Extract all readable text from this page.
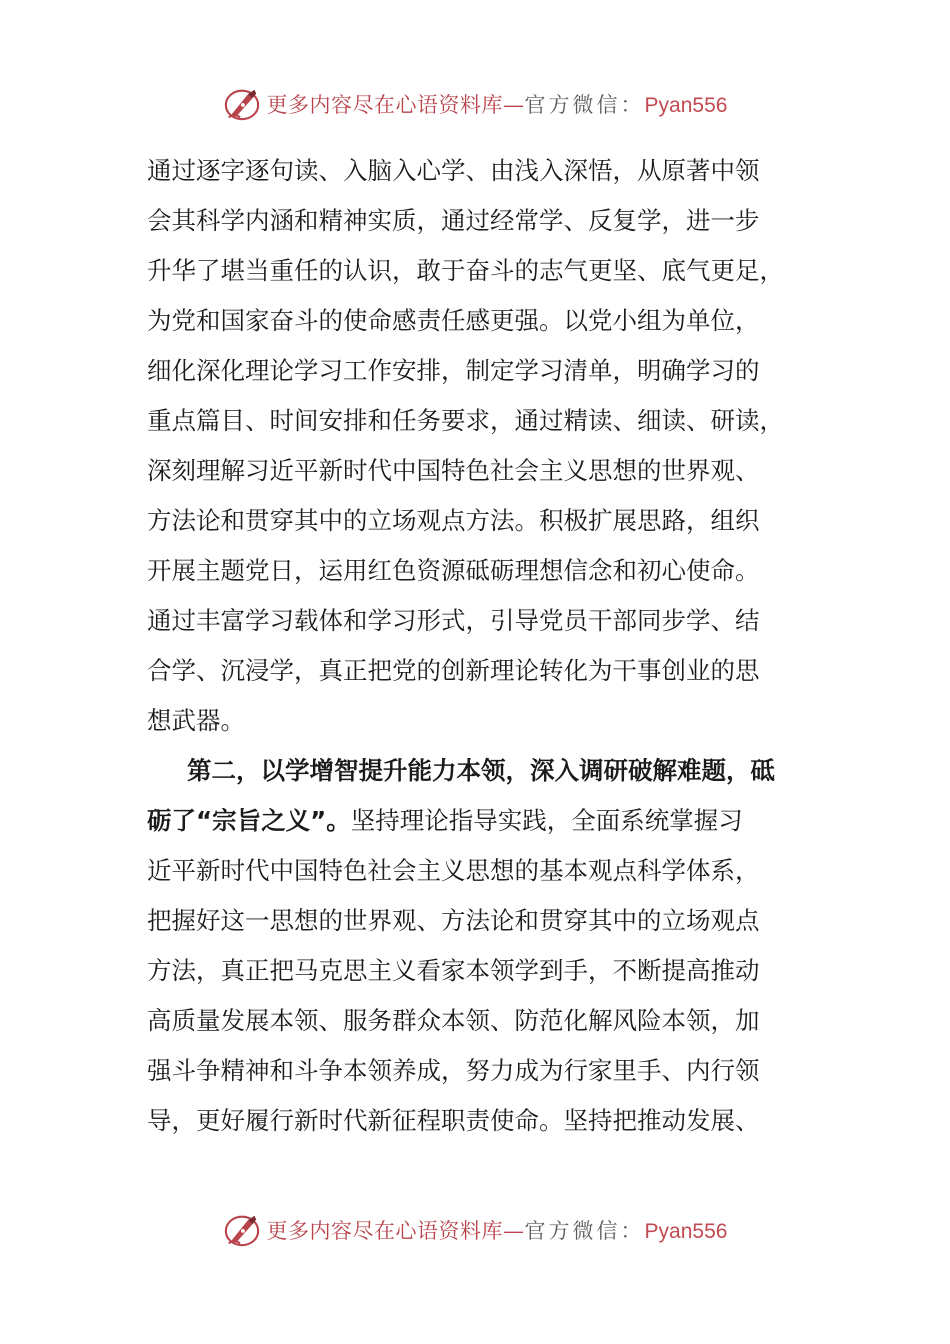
更多内容尽在心语资料库—官方微信：Pyan556
通过逐字逐句读、入脑入心学、由浅入深悟，从原著中领
会其科学内涵和精神实质，通过经常学、反复学，进一步
升华了堪当重任的认识，敢于奋斗的志气更坚、底气更足，
为党和国家奋斗的使命感责任感更强。以党小组为单位，
细化深化理论学习工作安排，制定学习清单，明确学习的
重点篇目、时间安排和任务要求，通过精读、细读、研读，
深刻理解习近平新时代中国特色社会主义思想的世界观、
方法论和贯穿其中的立场观点方法。积极扩展思路，组织
开展主题党日，运用红色资源砥砺理想信念和初心使命。
通过丰富学习载体和学习形式，引导党员干部同步学、结
合学、沉浸学，真正把党的创新理论转化为干事创业的思
想武器。
第二，以学增智提升能力本领，深入调研破解难题，砥
砺了“宗旨之义”。 坚持理论指导实践，全面系统掌握习
近平新时代中国特色社会主义思想的基本观点科学体系，
把握好这一思想的世界观、方法论和贯穿其中的立场观点
方法，真正把马克思主义看家本领学到手，不断提高推动
高质量发展本领、服务群众本领、防范化解风险本领，加
强斗争精神和斗争本领养成，努力成为行家里手、内行领
导，更好履行新时代新征程职责使命。坚持把推动发展、
更多内容尽在心语资料库—官方微信：Pyan556
